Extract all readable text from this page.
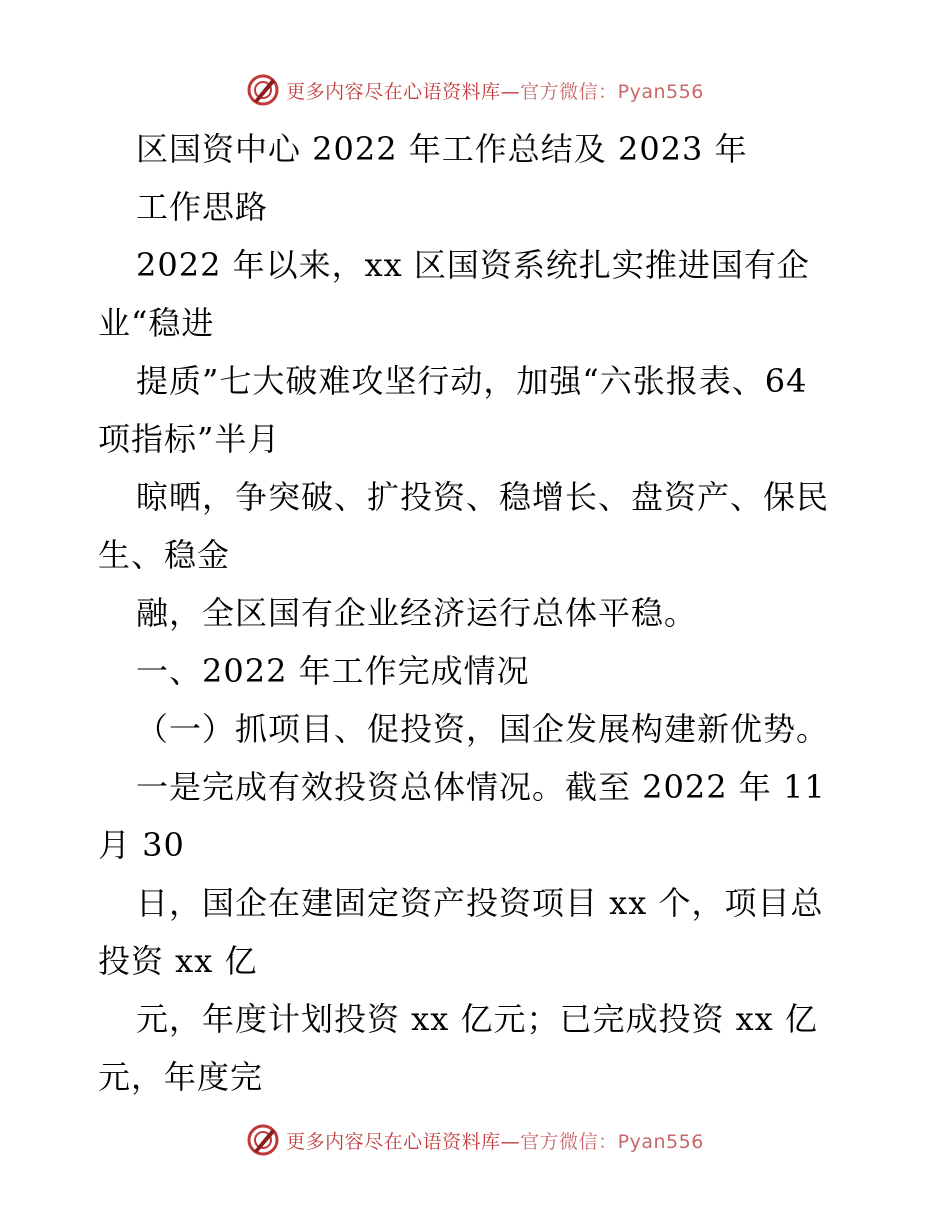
更多内容尽在心语资料库—官方微信：Pyan556
区国资中心 2022 年工作总结及 2023 年
工作思路
2022 年以来，xx 区国资系统扎实推进国有企
业“稳进
提质”七大破难攻坚行动，加强“六张报表、64
项指标”半月
晾晒，争突破、扩投资、稳增长、盘资产、保民
生、稳金
融，全区国有企业经济运行总体平稳。
一、2022 年工作完成情况
（一）抓项目、促投资，国企发展构建新优势。
一是完成有效投资总体情况。截至 2022 年 11
月 30
日，国企在建固定资产投资项目 xx 个，项目总
投资 xx 亿
元，年度计划投资 xx 亿元；已完成投资 xx 亿
元，年度完
更多内容尽在心语资料库—官方微信：Pyan556
